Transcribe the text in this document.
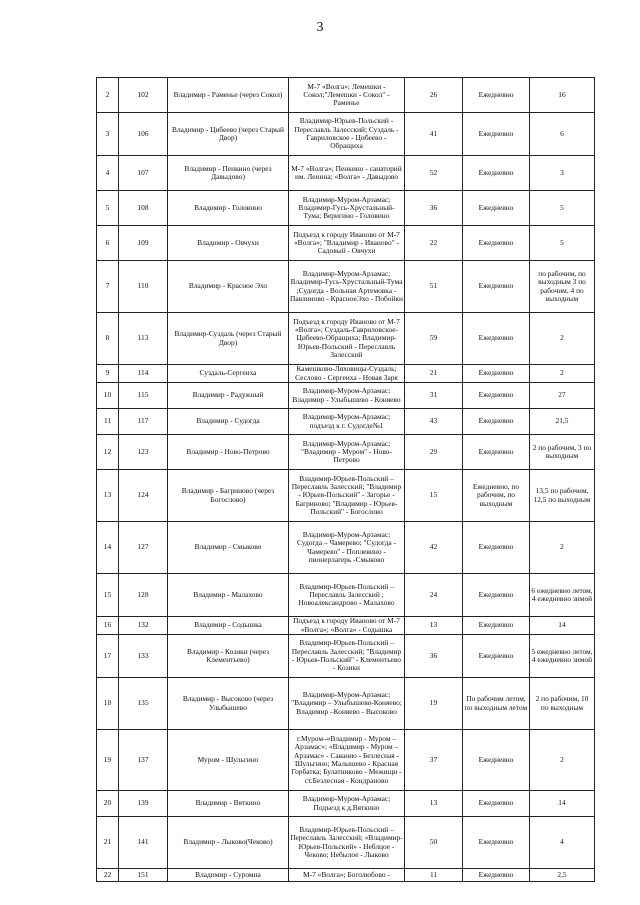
3
2	102	Владимир - Раменье (через Сокол)	М-7 «Волга»; Лемешки - Сокол;"Лемешки - Сокол" - Раменье	26	Ежедневно	16
3	106	Владимир - Цибеево (через Старый Двор)	Владимир-Юрьев-Польский - Переславль Залесский; Суздаль - Гавриловское - Цибеево - Обращиха	41	Ежедневно	6
4	107	Владимир - Пенкино (через Давыдово)	М-7 «Волга»; Пенкино - санаторий им. Ленина; «Волга» - Давыдово	52	Ежедневно	3
5	108	Владимир - Головино	Владимир-Муром-Арзамас; Владимир-Гусь-Хрустальный-Тума; Веригино - Головино	36	Ежедневно	5
6	109	Владимир - Овчухи	Подъезд к городу Иваново от М-7 «Волга»; "Владимир - Иваново" - Садовый - Овчухи	22	Ежедневно	5
7	110	Владимир - Красное Эхо	Владимир-Муром-Арзамас; Владимир-Гусь-Хрустальный-Тума ;Судогда - Вольная Артемовка - Павлиново - КрасноеЭхо - Побойки	51	Ежедневно	по рабочим, по выходным 3 по рабочим, 4 по выходным
8	113	Владимир-Суздаль (через Старый Двор)	Подъезд к городу Иваново от М-7 «Волга»; Суздаль-Гавриловское-Цибеево-Обращиха; Владимир-Юрьев-Польский - Переславль Залесский	59	Ежедневно	2
9	114	Суздаль-Сергеиха	Камешково-Ляховицы-Суздаль; Сеслово - Сергеиха - Новая Заря	21	Ежедневно	2
10	115	Владимир - Радужный	Владимир-Муром-Арзамас; Владимир - Улыбышево - Коняево	31	Ежедневно	27
11	117	Владимир - Судогда	Владимир-Муром-Арзамас; подъезд к г. Судогде№1	43	Ежедневно	21,5
12	123	Владимир - Ново-Петрово	Владимир-Муром-Арзамас; "Владимир - Муром" - Ново-Петрово	29	Ежедневно	2 по рабочим, 3 по выходным
13	124	Владимир - Багриново (через Богослово)	Владимир-Юрьев-Польский – Переславль Залесский; "Владимир - Юрьев-Польский" - Загорье - Багриново; "Владимир - Юрьев-Польский" - Богослово	15	Ежедневно, по рабочим, по выходным	13,5 по рабочим, 12,5 по выходным
14	127	Владимир - Смыково	Владимир-Муром-Арзамас; Судогда – Чамерево; "Судогда - Чамерево" - Поплевино - пионерлагерь -Смыково	42	Ежедневно	2
15	128	Владимир - Малахово	Владимир-Юрьев-Польский – Переславль Залесский ; Новоалександрово - Малахово	24	Ежедневно	6 ежедневно летом, 4 ежедневно зимой
16	132	Владимир - Содышка	Подъезд к городу Иваново от М-7 «Волга»; «Волга» - Содышка	13	Ежедневно	14
17	133	Владимир - Козики (через Клементьево)	Владимир-Юрьев-Польский – Переславль Залесский; "Владимир - Юрьев-Польский" - Клементьево - Козики	36	Ежедневно	5 ежедневно летом, 4 ежедневно зимой
18	135	Владимир - Высоково (через Улыбышево	Владимир-Муром-Арзамас; "Владимир – Улыбышево-Коняево; Владимир –Коняево - Высоково	19	По рабочим летом, по выходным летом	2 по рабочим, 10 по выходным
19	137	Муром - Шульгино	г.Муром–«Владимир - Муром – Арзамас»; «Владимир - Муром – Арзамас» - Саванио - Безлесная - Шульгино; Малышево - Красная Горбатка; Булатниково - Межищи - ст.Безлесная - Кондраново	37	Ежедневно	2
20	139	Владимир - Вяткино	Владимир-Муром-Арзамас; Подъезд к д.Вяткино	13	Ежедневно	14
21	141	Владимир - Лыково(Чеково)	Владимир-Юрьев-Польский – Переславль Залесский; «Владимир-Юрьев-Польский» - Неблцое - Чеково; Небылое - Лыково	50	Ежедневно	4
22	151	Владимир - Суромна	М-7 «Волга»; Боголюбово -	11	Ежедневно	2,5
